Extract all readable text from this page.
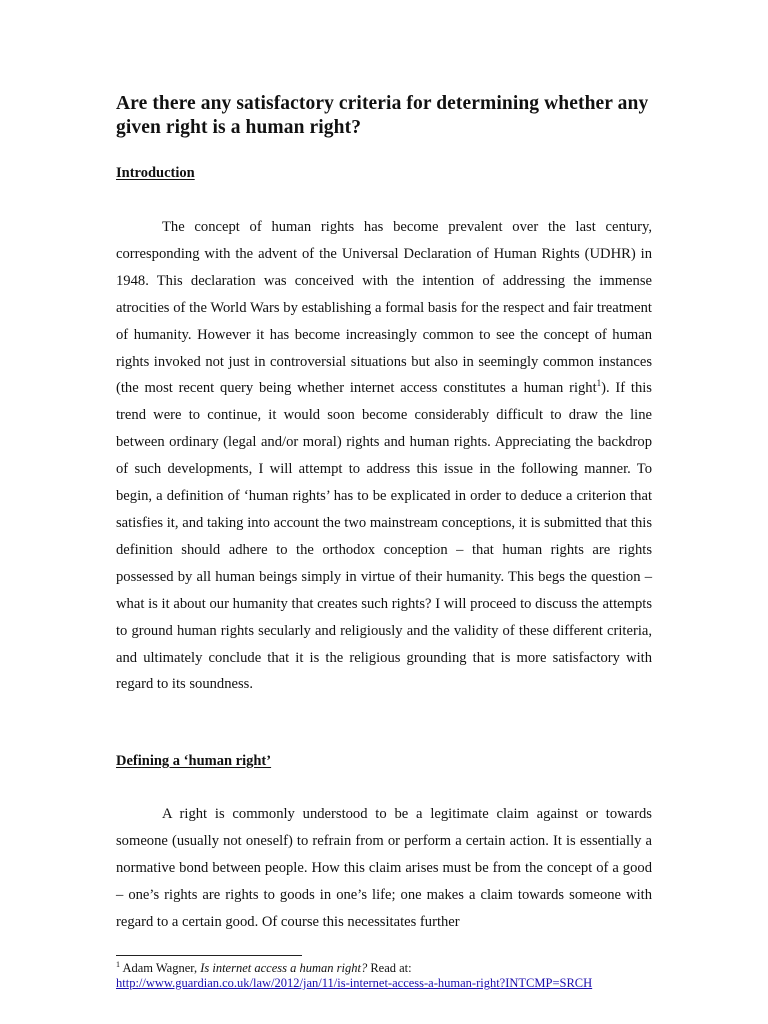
Are there any satisfactory criteria for determining whether any given right is a human right?
Introduction

The concept of human rights has become prevalent over the last century, corresponding with the advent of the Universal Declaration of Human Rights (UDHR) in 1948. This declaration was conceived with the intention of addressing the immense atrocities of the World Wars by establishing a formal basis for the respect and fair treatment of humanity. However it has become increasingly common to see the concept of human rights invoked not just in controversial situations but also in seemingly common instances (the most recent query being whether internet access constitutes a human right$^1$). If this trend were to continue, it would soon become considerably difficult to draw the line between ordinary (legal and/or moral) rights and human rights. Appreciating the backdrop of such developments, I will attempt to address this issue in the following manner. To begin, a definition of ‘human rights’ has to be explicated in order to deduce a criterion that satisfies it, and taking into account the two mainstream conceptions, it is submitted that this definition should adhere to the orthodox conception – that human rights are rights possessed by all human beings simply in virtue of their humanity. This begs the question – what is it about our humanity that creates such rights? I will proceed to discuss the attempts to ground human rights secularly and religiously and the validity of these different criteria, and ultimately conclude that it is the religious grounding that is more satisfactory with regard to its soundness.

Defining a ‘human right’

A right is commonly understood to be a legitimate claim against or towards someone (usually not oneself) to refrain from or perform a certain action. It is essentially a normative bond between people. How this claim arises must be from the concept of a good – one’s rights are rights to goods in one’s life; one makes a claim towards someone with regard to a certain good. Of course this necessitates further

$^1$ Adam Wagner, Is internet access a human right? Read at:
http://www.guardian.co.uk/law/2012/jan/11/is-internet-access-a-human-right?INTCMP=SRCH
